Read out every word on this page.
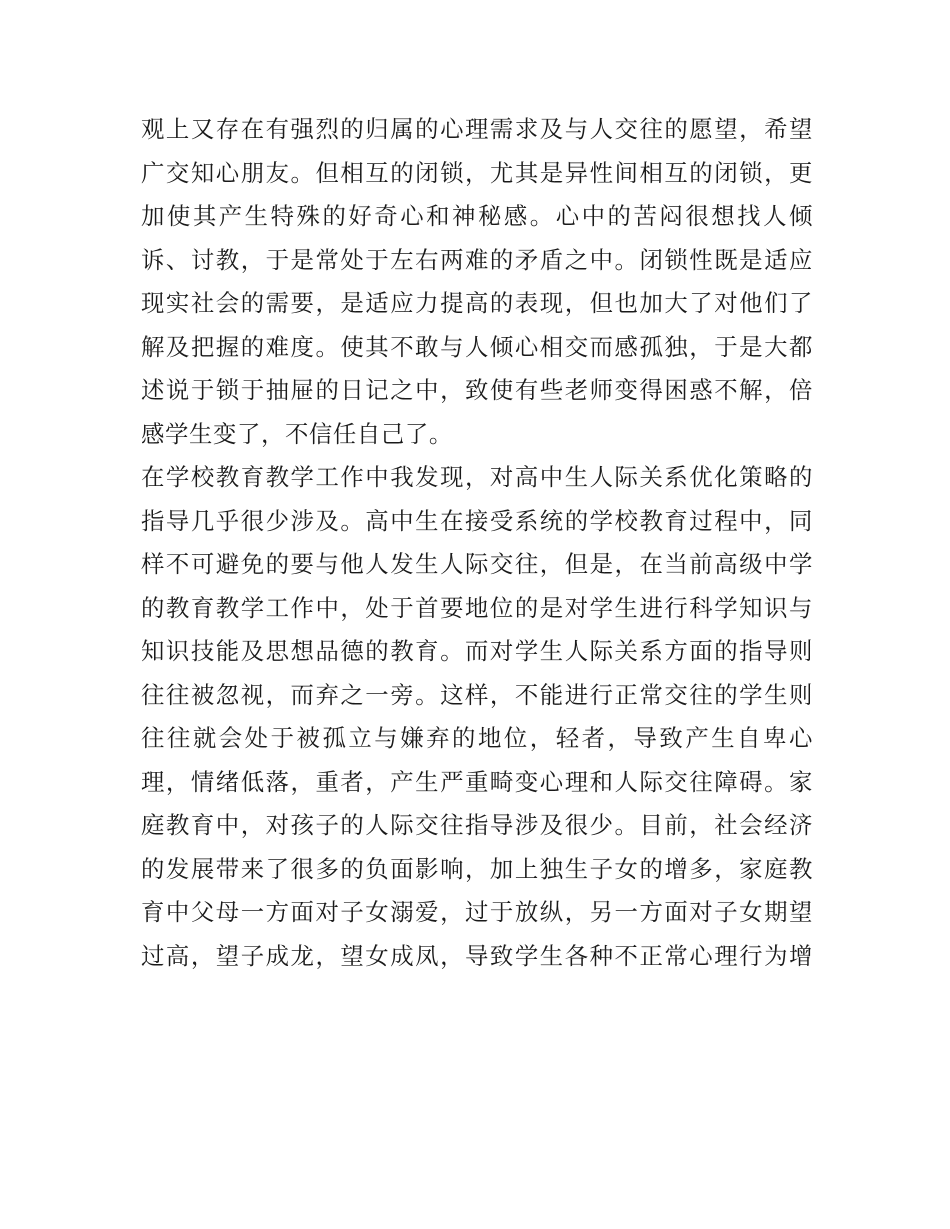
观上又存在有强烈的归属的心理需求及与人交往的愿望，希望
广交知心朋友。但相互的闭锁，尤其是异性间相互的闭锁，更
加使其产生特殊的好奇心和神秘感。心中的苦闷很想找人倾
诉、讨教，于是常处于左右两难的矛盾之中。闭锁性既是适应
现实社会的需要，是适应力提高的表现，但也加大了对他们了
解及把握的难度。使其不敢与人倾心相交而感孤独，于是大都
述说于锁于抽屉的日记之中，致使有些老师变得困惑不解，倍
感学生变了，不信任自己了。
在学校教育教学工作中我发现，对高中生人际关系优化策略的
指导几乎很少涉及。高中生在接受系统的学校教育过程中，同
样不可避免的要与他人发生人际交往，但是，在当前高级中学
的教育教学工作中，处于首要地位的是对学生进行科学知识与
知识技能及思想品德的教育。而对学生人际关系方面的指导则
往往被忽视，而弃之一旁。这样，不能进行正常交往的学生则
往往就会处于被孤立与嫌弃的地位，轻者，导致产生自卑心
理，情绪低落，重者，产生严重畸变心理和人际交往障碍。家
庭教育中，对孩子的人际交往指导涉及很少。目前，社会经济
的发展带来了很多的负面影响，加上独生子女的增多，家庭教
育中父母一方面对子女溺爱，过于放纵，另一方面对子女期望
过高，望子成龙，望女成凤，导致学生各种不正常心理行为增
